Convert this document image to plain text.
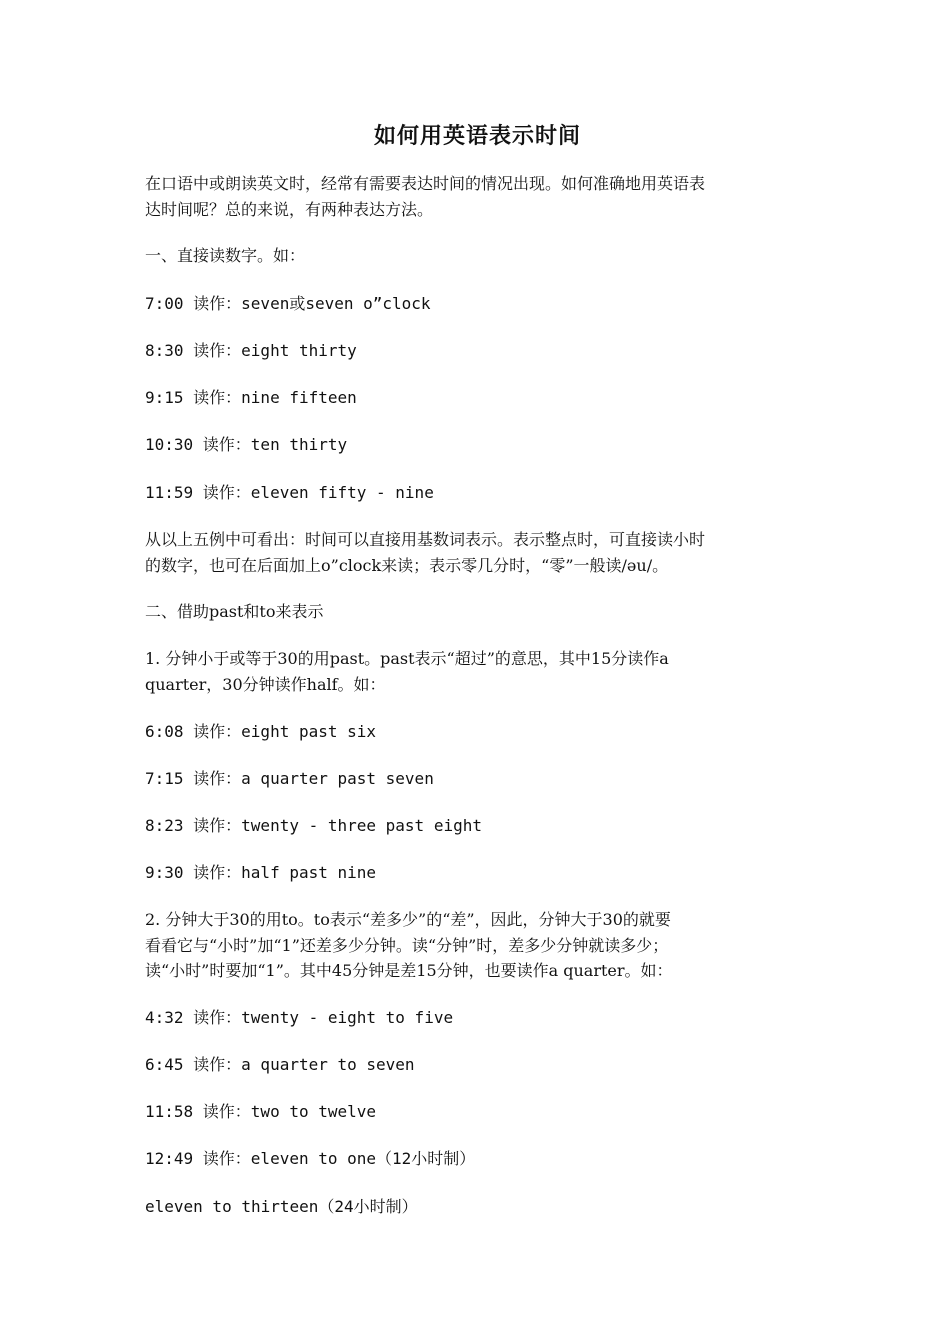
如何用英语表示时间

在口语中或朗读英文时，经常有需要表达时间的情况出现。如何准确地用英语表

达时间呢？总的来说，有两种表达方法。

一、直接读数字。如：

7:00 读作：seven或seven o”clock

8:30 读作：eight thirty

9:15 读作：nine fifteen

10:30 读作：ten thirty

11:59 读作：eleven fifty - nine

从以上五例中可看出：时间可以直接用基数词表示。表示整点时，可直接读小时

的数字，也可在后面加上o”clock来读；表示零几分时，“零”一般读/əu/。

二、借助past和to来表示

1. 分钟小于或等于30的用past。past表示“超过”的意思，其中15分读作a

quarter，30分钟读作half。如：

6:08 读作：eight past six

7:15 读作：a quarter past seven

8:23 读作：twenty - three past eight

9:30 读作：half past nine

2. 分钟大于30的用to。to表示“差多少”的“差”，因此，分钟大于30的就要

看看它与“小时”加“1”还差多少分钟。读“分钟”时，差多少分钟就读多少；

读“小时”时要加“1”。其中45分钟是差15分钟，也要读作a quarter。如：

4:32 读作：twenty - eight to five

6:45 读作：a quarter to seven

11:58 读作：two to twelve

12:49 读作：eleven to one（12小时制）

eleven to thirteen（24小时制）
